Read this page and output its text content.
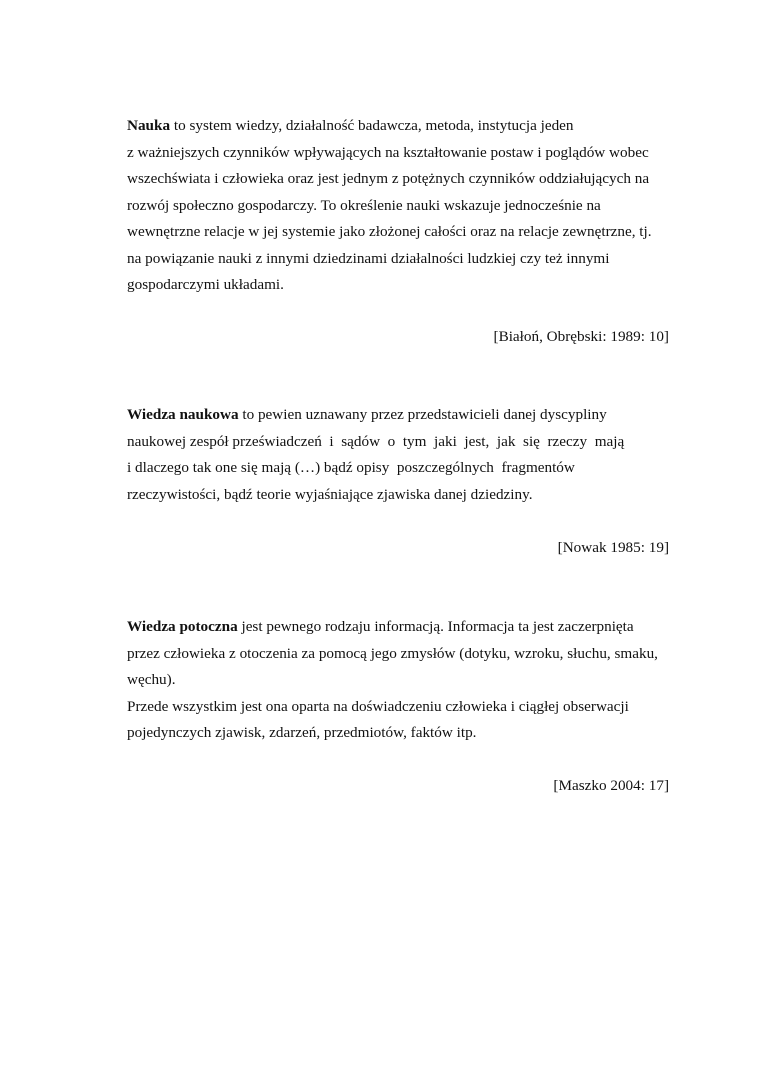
Nauka to system wiedzy, działalność badawcza, metoda, instytucja jeden
z ważniejszych czynników wpływających na kształtowanie postaw i poglądów wobec
wszechświata i człowieka oraz jest jednym z potężnych czynników oddziałujących na
rozwój społeczno gospodarczy. To określenie nauki wskazuje jednocześnie na
wewnętrzne relacje w jej systemie jako złożonej całości oraz na relacje zewnętrzne, tj.
na powiązanie nauki z innymi dziedzinami działalności ludzkiej czy też innymi
gospodarczymi układami.
[Białoń, Obrębski: 1989: 10]
Wiedza naukowa to pewien uznawany przez przedstawicieli danej dyscypliny
naukowej zespół przeświadczeń  i  sądów  o  tym  jaki  jest,  jak  się  rzeczy  mają
i dlaczego tak one się mają (…) bądź opisy  poszczególnych  fragmentów
rzeczywistości, bądź teorie wyjaśniające zjawiska danej dziedziny.
[Nowak 1985: 19]
Wiedza potoczna jest pewnego rodzaju informacją. Informacja ta jest zaczerpnięta
przez człowieka z otoczenia za pomocą jego zmysłów (dotyku, wzroku, słuchu, smaku,
węchu).
Przede wszystkim jest ona oparta na doświadczeniu człowieka i ciągłej obserwacji
pojedynczych zjawisk, zdarzeń, przedmiotów, faktów itp.
[Maszko 2004: 17]
